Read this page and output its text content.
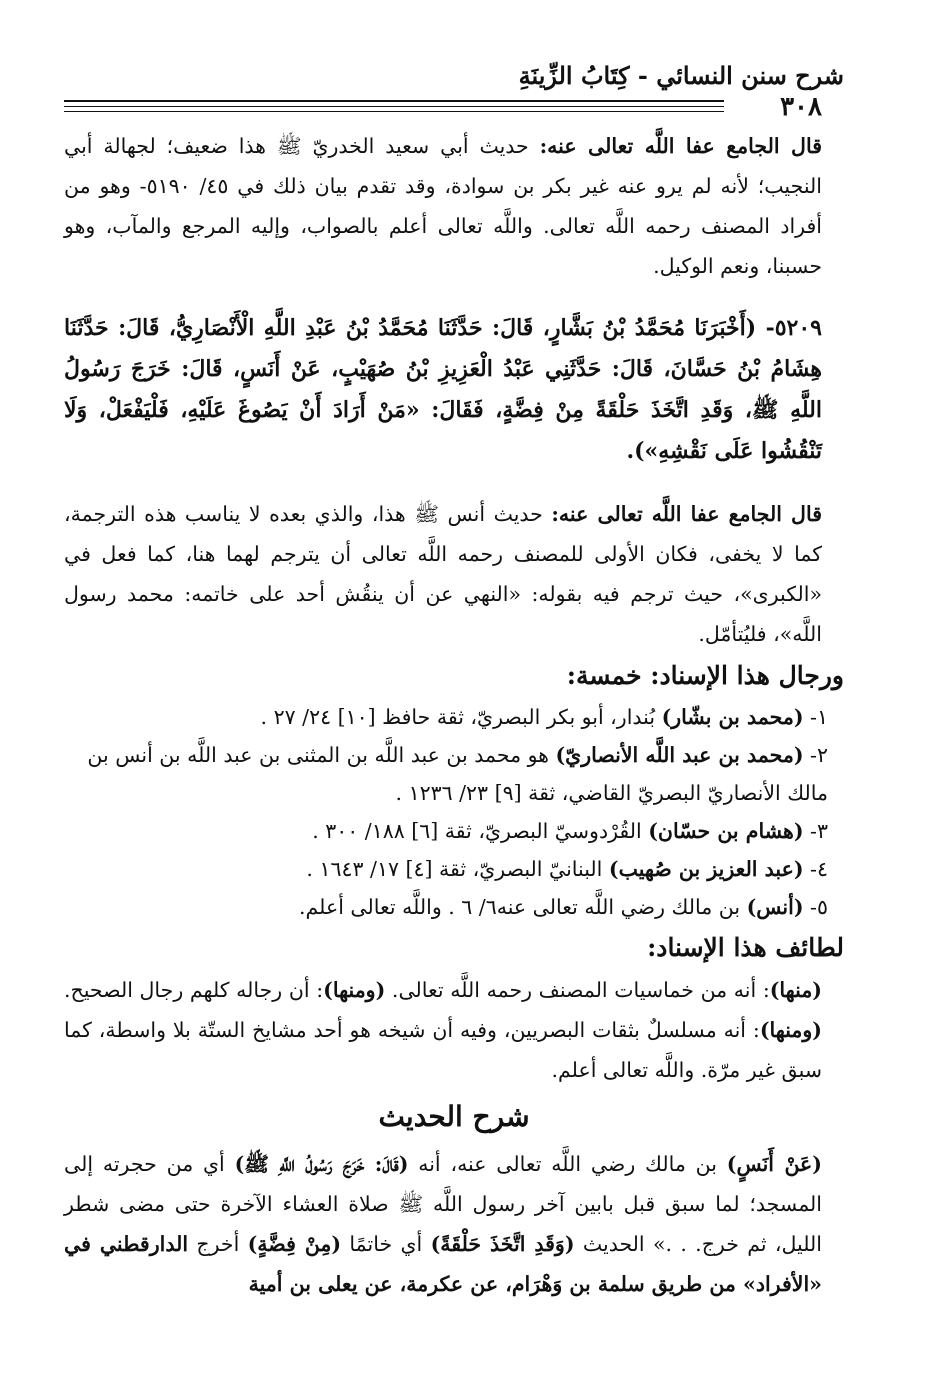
شرح سنن النسائي - كِتَابُ الزِّينَةِ
٣٠٨

قال الجامع عفا اللَّه تعالى عنه: حديث أبي سعيد الخدريّ ﷺ هذا ضعيف؛ لجهالة أبي النجيب؛ لأنه لم يرو عنه غير بكر بن سوادة، وقد تقدم بيان ذلك في ٤٥/ ٥١٩٠- وهو من أفراد المصنف رحمه اللَّه تعالى. واللَّه تعالى أعلم بالصواب، وإليه المرجع والمآب، وهو حسبنا، ونعم الوكيل.

٥٢٠٩- (أَخْبَرَنَا مُحَمَّدُ بْنُ بَشَّارٍ، قَالَ: حَدَّثَنَا مُحَمَّدُ بْنُ عَبْدِ اللَّهِ الْأَنْصَارِيُّ، قَالَ: حَدَّثَنَا هِشَامُ بْنُ حَسَّانَ، قَالَ: حَدَّثَنِي عَبْدُ الْعَزِيزِ بْنُ صُهَيْبٍ، عَنْ أَنَسٍ، قَالَ: خَرَجَ رَسُولُ اللَّهِ ﷺ، وَقَدِ اتَّخَذَ حَلْقَةً مِنْ فِضَّةٍ، فَقَالَ: «مَنْ أَرَادَ أَنْ يَصُوغَ عَلَيْهِ، فَلْيَفْعَلْ، وَلَا تَنْقُشُوا عَلَى نَقْشِهِ»).

قال الجامع عفا اللَّه تعالى عنه: حديث أنس ﷺ هذا، والذي بعده لا يناسب هذه الترجمة، كما لا يخفى، فكان الأولى للمصنف رحمه اللَّه تعالى أن يترجم لهما هنا، كما فعل في «الكبرى»، حيث ترجم فيه بقوله: «النهي عن أن ينقُش أحد على خاتمه: محمد رسول اللَّه»، فليُتأمّل.

ورجال هذا الإسناد: خمسة:

١- (محمد بن بشّار) بُندار، أبو بكر البصريّ، ثقة حافظ [١٠] ٢٤/ ٢٧ .

٢- (محمد بن عبد اللَّه الأنصاريّ) هو محمد بن عبد اللَّه بن المثنى بن عبد اللَّه بن أنس بن مالك الأنصاريّ البصريّ القاضي، ثقة [٩] ٢٣/ ١٢٣٦ .

٣- (هشام بن حسّان) القُرْدوسيّ البصريّ، ثقة [٦] ١٨٨/ ٣٠٠ .

٤- (عبد العزيز بن صُهيب) البنانيّ البصريّ، ثقة [٤] ١٧/ ١٦٤٣ .

٥- (أنس) بن مالك رضي اللَّه تعالى عنه٦/ ٦ . واللَّه تعالى أعلم.

لطائف هذا الإسناد:

(منها): أنه من خماسيات المصنف رحمه اللَّه تعالى. (ومنها): أن رجاله كلهم رجال الصحيح. (ومنها): أنه مسلسلٌ بثقات البصريين، وفيه أن شيخه هو أحد مشايخ الستّة بلا واسطة، كما سبق غير مرّة. واللَّه تعالى أعلم.

شرح الحديث

(عَنْ أَنَسٍ) بن مالك رضي اللَّه تعالى عنه، أنه (قَالَ: خَرَجَ رَسُولُ اللَّهِ ﷺ) أي من حجرته إلى المسجد؛ لما سبق قبل بابين آخر رسول اللَّه ﷺ صلاة العشاء الآخرة حتى مضى شطر الليل، ثم خرج. . .» الحديث (وَقَدِ اتَّخَذَ حَلْقَةً) أي خاتمًا (مِنْ فِضَّةٍ) أخرج الدارقطني في «الأفراد» من طريق سلمة بن وَهْرَام، عن عكرمة، عن يعلى بن أمية
